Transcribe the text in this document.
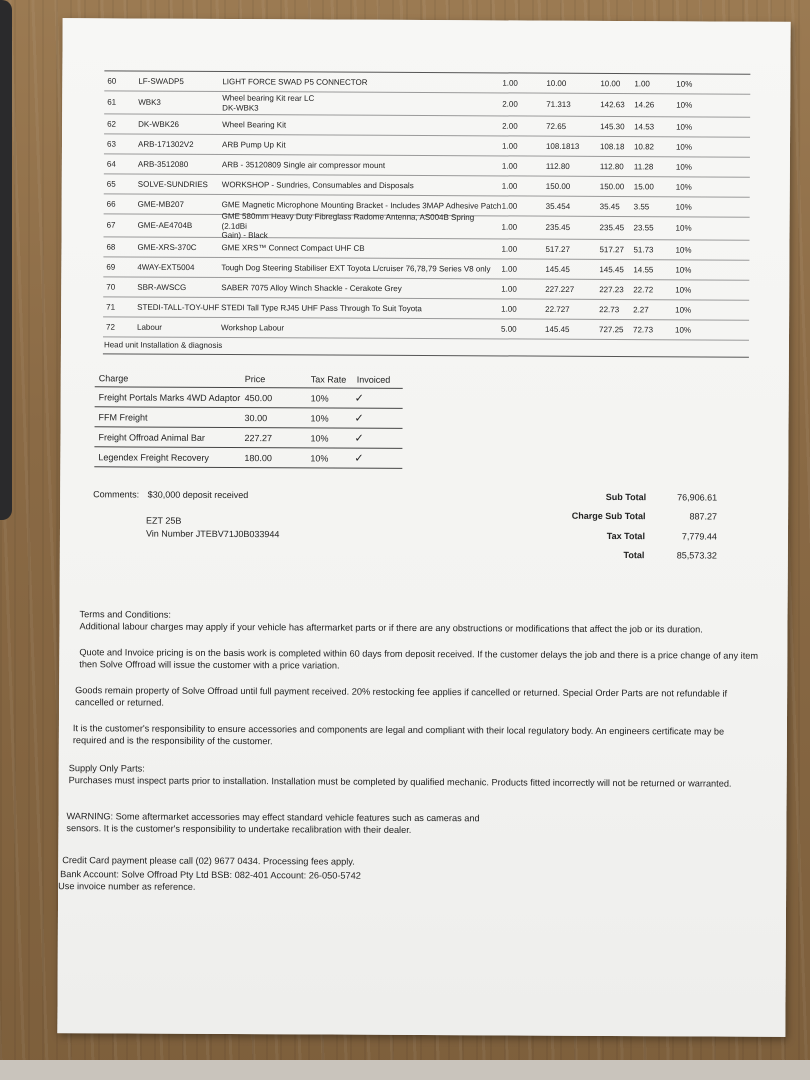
60	LF-SWADP5	1.00	10.00	10.00 1.00	10%
LIGHT FORCE SWAD P5 CONNECTOR
61	WBK3	2.00	71.313	142.63 14.26	10%
Wheel bearing Kit rear LC
DK-WBK3
62	DK-WBK26	2.00	72.65	145.30 14.53	10%
Wheel Bearing Kit
63	ARB-171302V2	1.00	108.1813	108.18 10.82	10%
ARB Pump Up Kit
64	ARB-3512080	1.00	112.80	112.80 11.28	10%
ARB - 35120809 Single air compressor mount
65	SOLVE-SUNDRIES	1.00	150.00	150.00 15.00	10%
WORKSHOP - Sundries, Consumables and Disposals
66	GME-MB207	1.00	35.454	35.45 3.55	10%
GME Magnetic Microphone Mounting Bracket - Includes 3MAP Adhesive Patch
67	GME-AE4704B	1.00	235.45	235.45 23.55	10%
GME 580mm Heavy Duty Fibreglass Radome Antenna, AS004B Spring (2.1dBi
Gain) - Black
68	GME-XRS-370C	1.00	517.27	517.27 51.73	10%
GME XRS™ Connect Compact UHF CB
69	4WAY-EXT5004	1.00	145.45	145.45 14.55	10%
Tough Dog Steering Stabiliser EXT Toyota L/cruiser 76,78,79 Series V8 only
70	SBR-AWSCG	1.00	227.227	227.23 22.72	10%
SABER 7075 Alloy Winch Shackle - Cerakote Grey
71	STEDI-TALL-TOY-UHF	1.00	22.727	22.73 2.27	10%
STEDI Tall Type RJ45 UHF Pass Through To Suit Toyota
72	Labour	5.00	145.45	727.25 72.73	10%
Workshop Labour
Head unit Installation & diagnosis
Charge	Price	Tax Rate Invoiced
Freight Portals Marks 4WD Adaptor 450.00	10% ✓
FFM Freight	30.00	10% ✓
Freight Offroad Animal Bar	227.27	10% ✓
Legendex Freight Recovery	180.00	10% ✓
Comments: $30,000 deposit received
EZT 25B
Vin Number JTEBV71J0B033944
Sub Total	76,906.61
Charge Sub Total	887.27
Tax Total	7,779.44
Total	85,573.32

Terms and Conditions:

Additional labour charges may apply if your vehicle has aftermarket parts or if there are any obstructions or modifications that affect the job or its duration.

Quote and Invoice pricing is on the basis work is completed within 60 days from deposit received. If the customer delays the job and there is a price change of any item then Solve Offroad will issue the customer with a price variation.

Goods remain property of Solve Offroad until full payment received. 20% restocking fee applies if cancelled or returned. Special Order Parts are not refundable if cancelled or returned.

It is the customer's responsibility to ensure accessories and components are legal and compliant with their local regulatory body. An engineers certificate may be required and is the responsibility of the customer.

Supply Only Parts:

Purchases must inspect parts prior to installation. Installation must be completed by qualified mechanic. Products fitted incorrectly will not be returned or warranted.

WARNING: Some aftermarket accessories may effect standard vehicle features such as cameras and sensors. It is the customer's responsibility to undertake recalibration with their dealer.

Credit Card payment please call (02) 9677 0434. Processing fees apply.

Bank Account: Solve Offroad Pty Ltd BSB: 082-401 Account: 26-050-5742

Use invoice number as reference.
